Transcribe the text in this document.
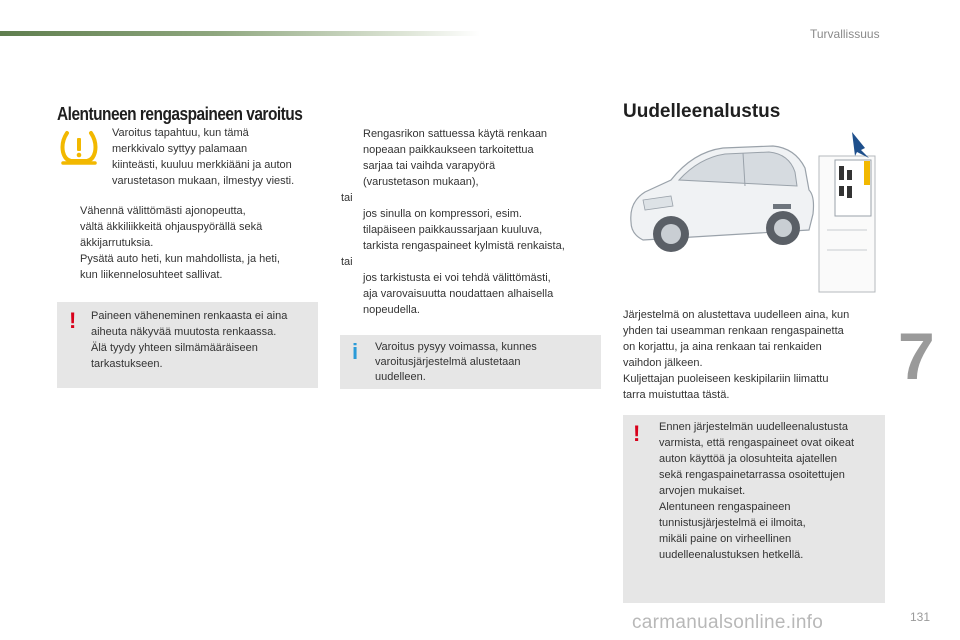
Turvallissuus
Alentuneen rengaspaineen varoitus
Varoitus tapahtuu, kun tämä
merkkivalo syttyy palamaan
kiinteästi, kuuluu merkkiääni ja auton
varustetason mukaan, ilmestyy viesti.
Vähennä välittömästi ajonopeutta,
vältä äkkiliikkeitä ohjauspyörällä sekä
äkkijarrutuksia.
Pysätä auto heti, kun mahdollista, ja heti,
kun liikennelosuhteet sallivat.
! Paineen väheneminen renkaasta ei aina
aiheuta näkyvää muutosta renkaassa.
Älä tyydy yhteen silmämääräiseen
tarkastukseen.
Rengasrikon sattuessa käytä renkaan
nopeaan paikkaukseen tarkoitettua
sarjaa tai vaihda varapyörä
(varustetason mukaan),
tai
jos sinulla on kompressori, esim.
tilapäiseen paikkaussarjaan kuuluva,
tarkista rengaspaineet kylmistä renkaista,
tai
jos tarkistusta ei voi tehdä välittömästi,
aja varovaisuutta noudattaen alhaisella
nopeudella.
i Varoitus pysyy voimassa, kunnes
varoitusjärjestelmä alustetaan
uudelleen.
Uudelleenalustus
Järjestelmä on alustettava uudelleen aina, kun
yhden tai useamman renkaan rengaspainetta
on korjattu, ja aina renkaan tai renkaiden
vaihdon jälkeen.
Kuljettajan puoleiseen keskipilariin liimattu
tarra muistuttaa tästä.
! Ennen järjestelmän uudelleenalustusta
varmista, että rengaspaineet ovat oikeat
auton käyttöä ja olosuhteita ajatellen
sekä rengaspainetarrassa osoitettujen
arvojen mukaiset.
Alentuneen rengaspaineen
tunnistusjärjestelmä ei ilmoita,
mikäli paine on virheellinen
uudelleenalustuksen hetkellä.
7
carmanualsonline.info	131
